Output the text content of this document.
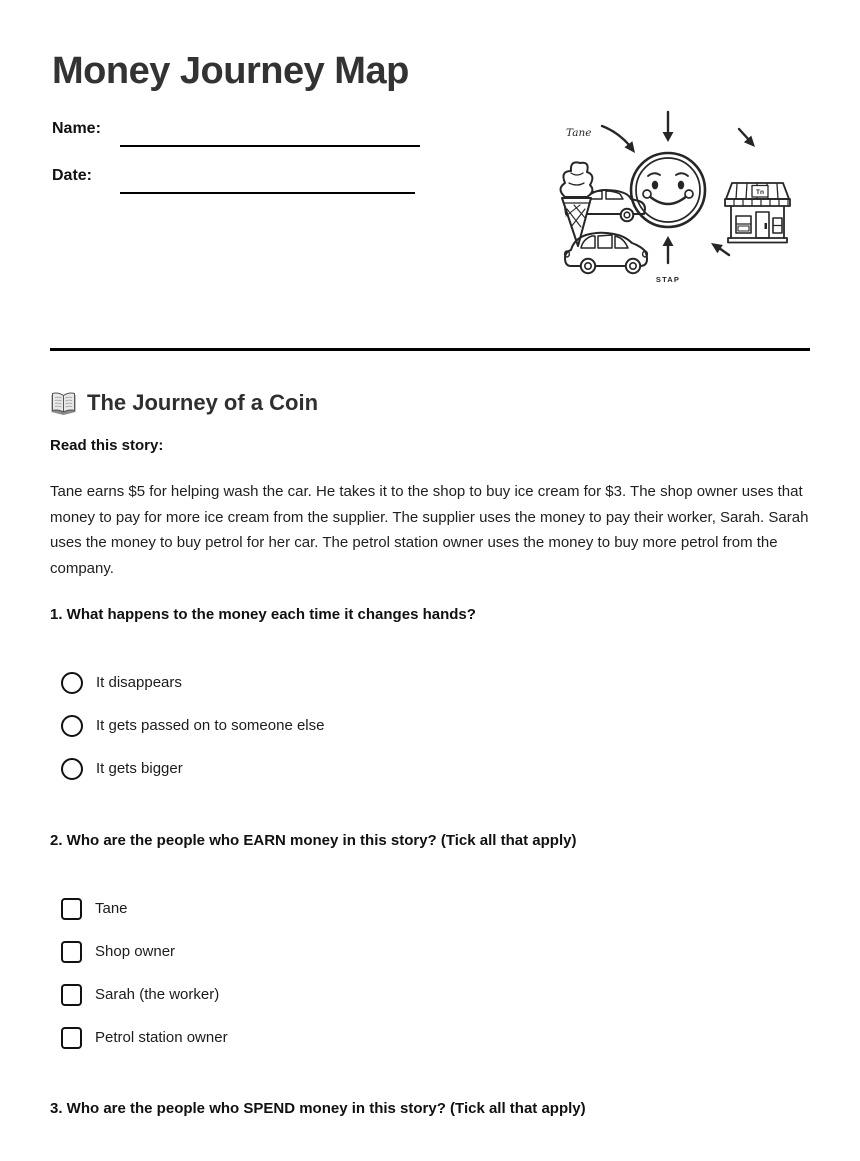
Money Journey Map
Name:
Date:
Tane
Tn
STAP
The Journey of a Coin
Read this story:

Tane earns $5 for helping wash the car. He takes it to the shop to buy ice cream for $3. The shop owner uses that money to pay for more ice cream from the supplier. The supplier uses the money to pay their worker, Sarah. Sarah uses the money to buy petrol for her car. The petrol station owner uses the money to buy more petrol from the company.

1. What happens to the money each time it changes hands?
It disappears
It gets passed on to someone else
It gets bigger
2. Who are the people who EARN money in this story? (Tick all that apply)
Tane
Shop owner
Sarah (the worker)
Petrol station owner
3. Who are the people who SPEND money in this story? (Tick all that apply)
